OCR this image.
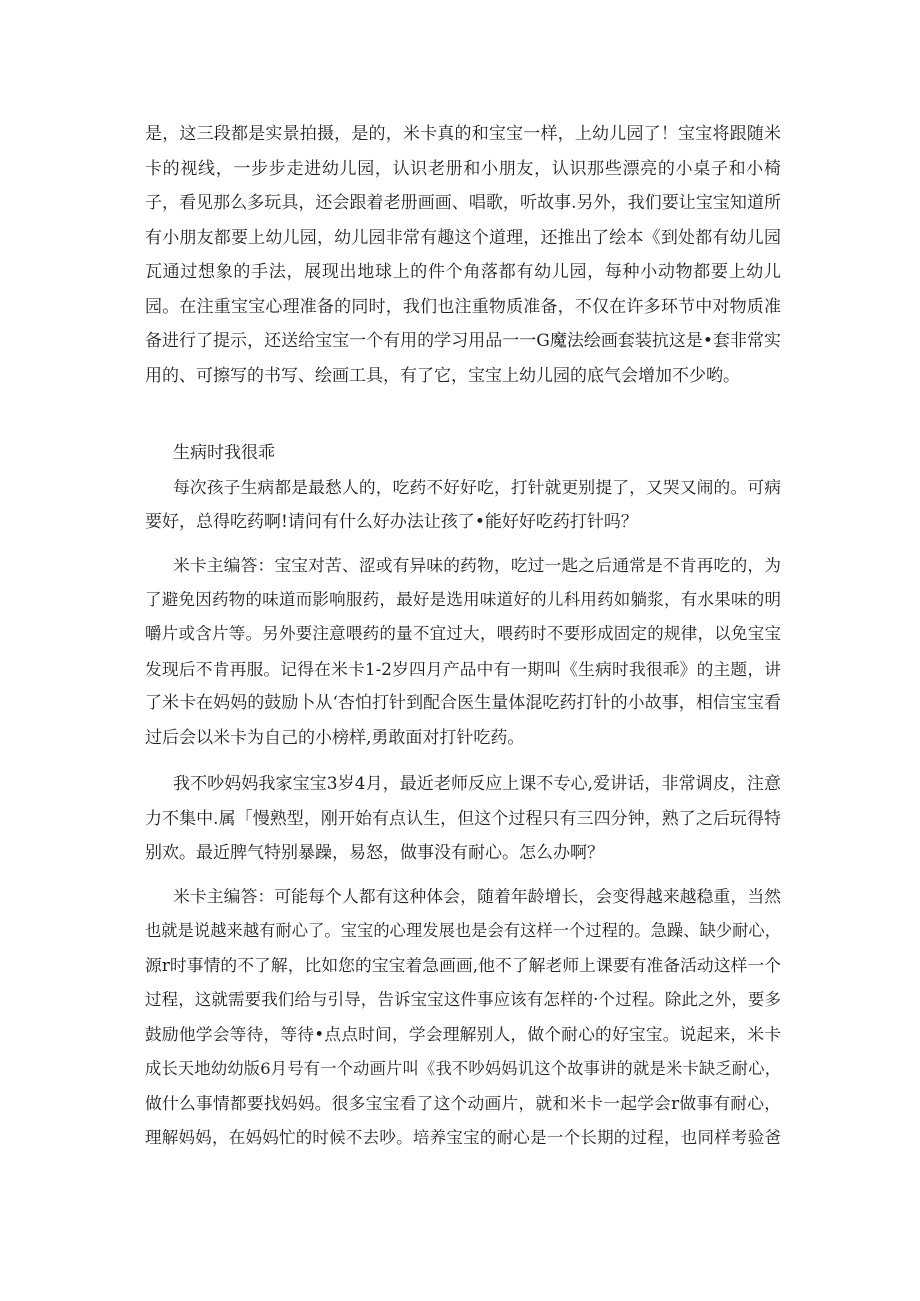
是，这三段都是实景拍摄，是的，米卡真的和宝宝一样，上幼儿园了！宝宝将跟随米
卡的视线，一步步走进幼儿园，认识老册和小朋友，认识那些漂亮的小桌子和小椅
子，看见那么多玩具，还会跟着老册画画、唱歌，听故事.另外，我们要让宝宝知道所
有小朋友都要上幼儿园，幼儿园非常有趣这个道理，还推出了绘本《到处都有幼儿园
瓦通过想象的手法，展现出地球上的件个角落都有幼儿园，每种小动物都要上幼儿
园。在注重宝宝心理准备的同时，我们也注重物质准备，不仅在许多环节中对物质准
备进行了提示，还送给宝宝一个有用的学习用品一一G魔法绘画套装抗这是•套非常实
用的、可擦写的书写、绘画工具，有了它，宝宝上幼儿园的底气会增加不少哟。
生病时我很乖
每次孩子生病都是最愁人的，吃药不好好吃，打针就更别提了，又哭又闹的。可病
要好，总得吃药啊!请问有什么好办法让孩了•能好好吃药打针吗？
米卡主编答：宝宝对苦、涩或有异味的药物，吃过一匙之后通常是不肯再吃的，为
了避免因药物的味道而影响服药，最好是选用味道好的儿科用药如躺浆，有水果味的明
嚼片或含片等。另外要注意喂药的量不宜过大，喂药时不要形成固定的规律，以免宝宝
发现后不肯再服。记得在米卡1-2岁四月产品中有一期叫《生病时我很乖》的主题，讲
了米卡在妈妈的鼓励卜从‘杏怕打针到配合医生量体混吃药打针的小故事，相信宝宝看
过后会以米卡为自己的小榜样,勇敢面对打针吃药。
我不吵妈妈我家宝宝3岁4月，最近老师反应上课不专心,爱讲话，非常调皮，注意
力不集中.属「慢熟型，刚开始有点认生，但这个过程只有三四分钟，熟了之后玩得特
别欢。最近脾气特别暴躁，易怒，做事没有耐心。怎么办啊？
米卡主编答：可能每个人都有这种体会，随着年龄增长，会变得越来越稳重，当然
也就是说越来越有耐心了。宝宝的心理发展也是会有这样一个过程的。急躁、缺少耐心，
源r时事情的不了解，比如您的宝宝着急画画,他不了解老师上课要有准备活动这样一个
过程，这就需要我们给与引导，告诉宝宝这件事应该有怎样的·个过程。除此之外，要多
鼓励他学会等待，等待•点点时间，学会理解别人，做个耐心的好宝宝。说起来，米卡
成长天地幼幼版6月号有一个动画片叫《我不吵妈妈讥这个故事讲的就是米卡缺乏耐心，
做什么事情都要找妈妈。很多宝宝看了这个动画片，就和米卡一起学会r做事有耐心，
理解妈妈，在妈妈忙的时候不去吵。培养宝宝的耐心是一个长期的过程，也同样考验爸
